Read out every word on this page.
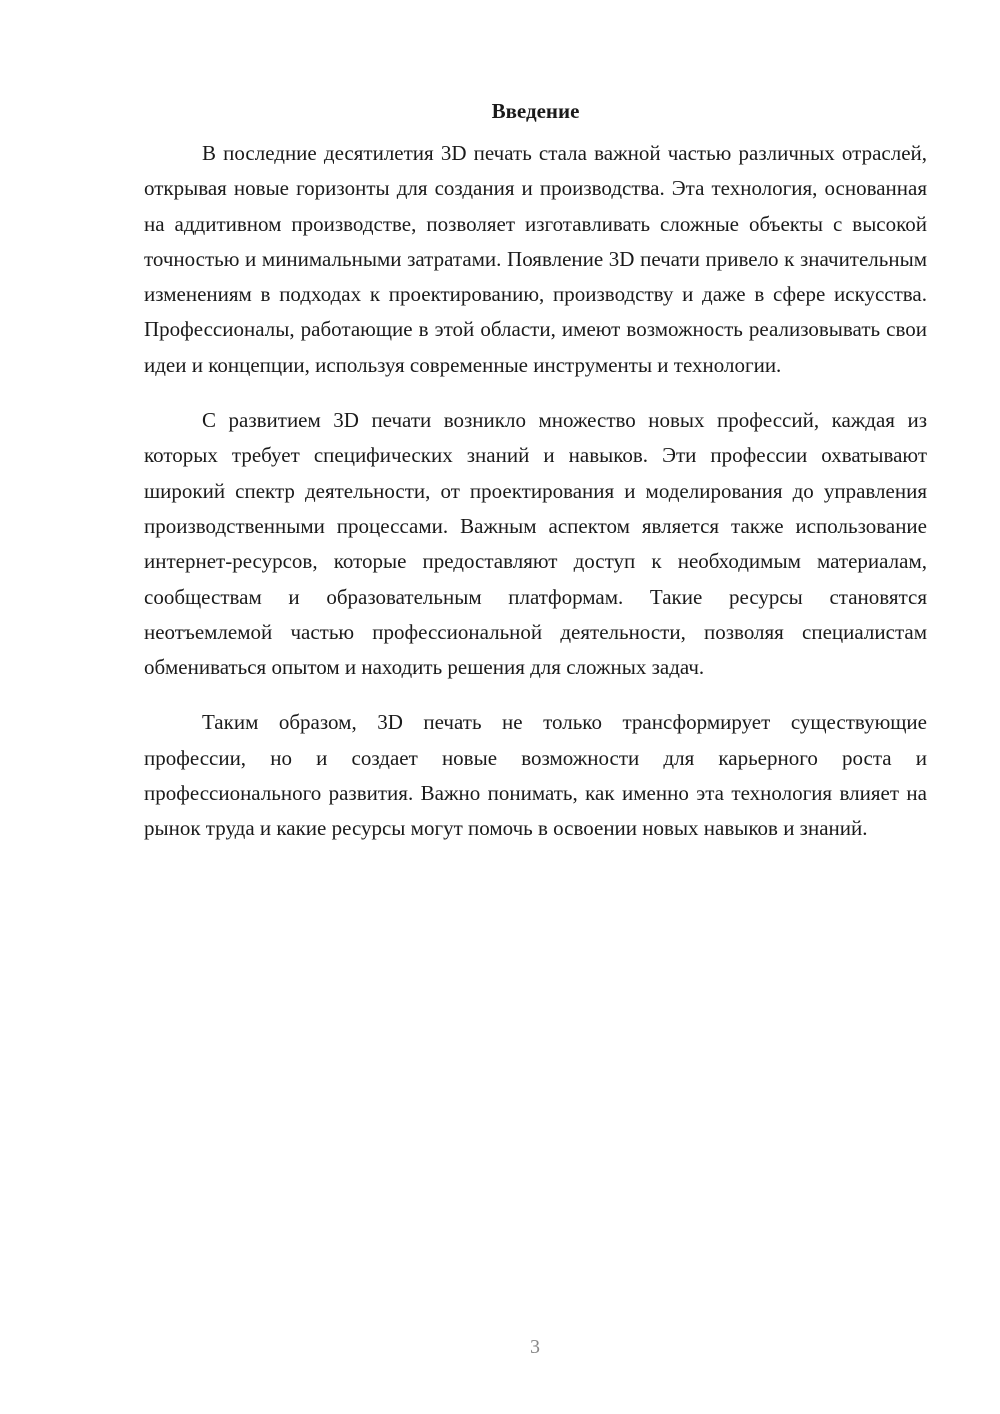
Введение

В последние десятилетия 3D печать стала важной частью различных отраслей, открывая новые горизонты для создания и производства. Эта технология, основанная на аддитивном производстве, позволяет изготавливать сложные объекты с высокой точностью и минимальными затратами. Появление 3D печати привело к значительным изменениям в подходах к проектированию, производству и даже в сфере искусства. Профессионалы, работающие в этой области, имеют возможность реализовывать свои идеи и концепции, используя современные инструменты и технологии.

С развитием 3D печати возникло множество новых профессий, каждая из которых требует специфических знаний и навыков. Эти профессии охватывают широкий спектр деятельности, от проектирования и моделирования до управления производственными процессами. Важным аспектом является также использование интернет-ресурсов, которые предоставляют доступ к необходимым материалам, сообществам и образовательным платформам. Такие ресурсы становятся неотъемлемой частью профессиональной деятельности, позволяя специалистам обмениваться опытом и находить решения для сложных задач.

Таким образом, 3D печать не только трансформирует существующие профессии, но и создает новые возможности для карьерного роста и профессионального развития. Важно понимать, как именно эта технология влияет на рынок труда и какие ресурсы могут помочь в освоении новых навыков и знаний.

3
